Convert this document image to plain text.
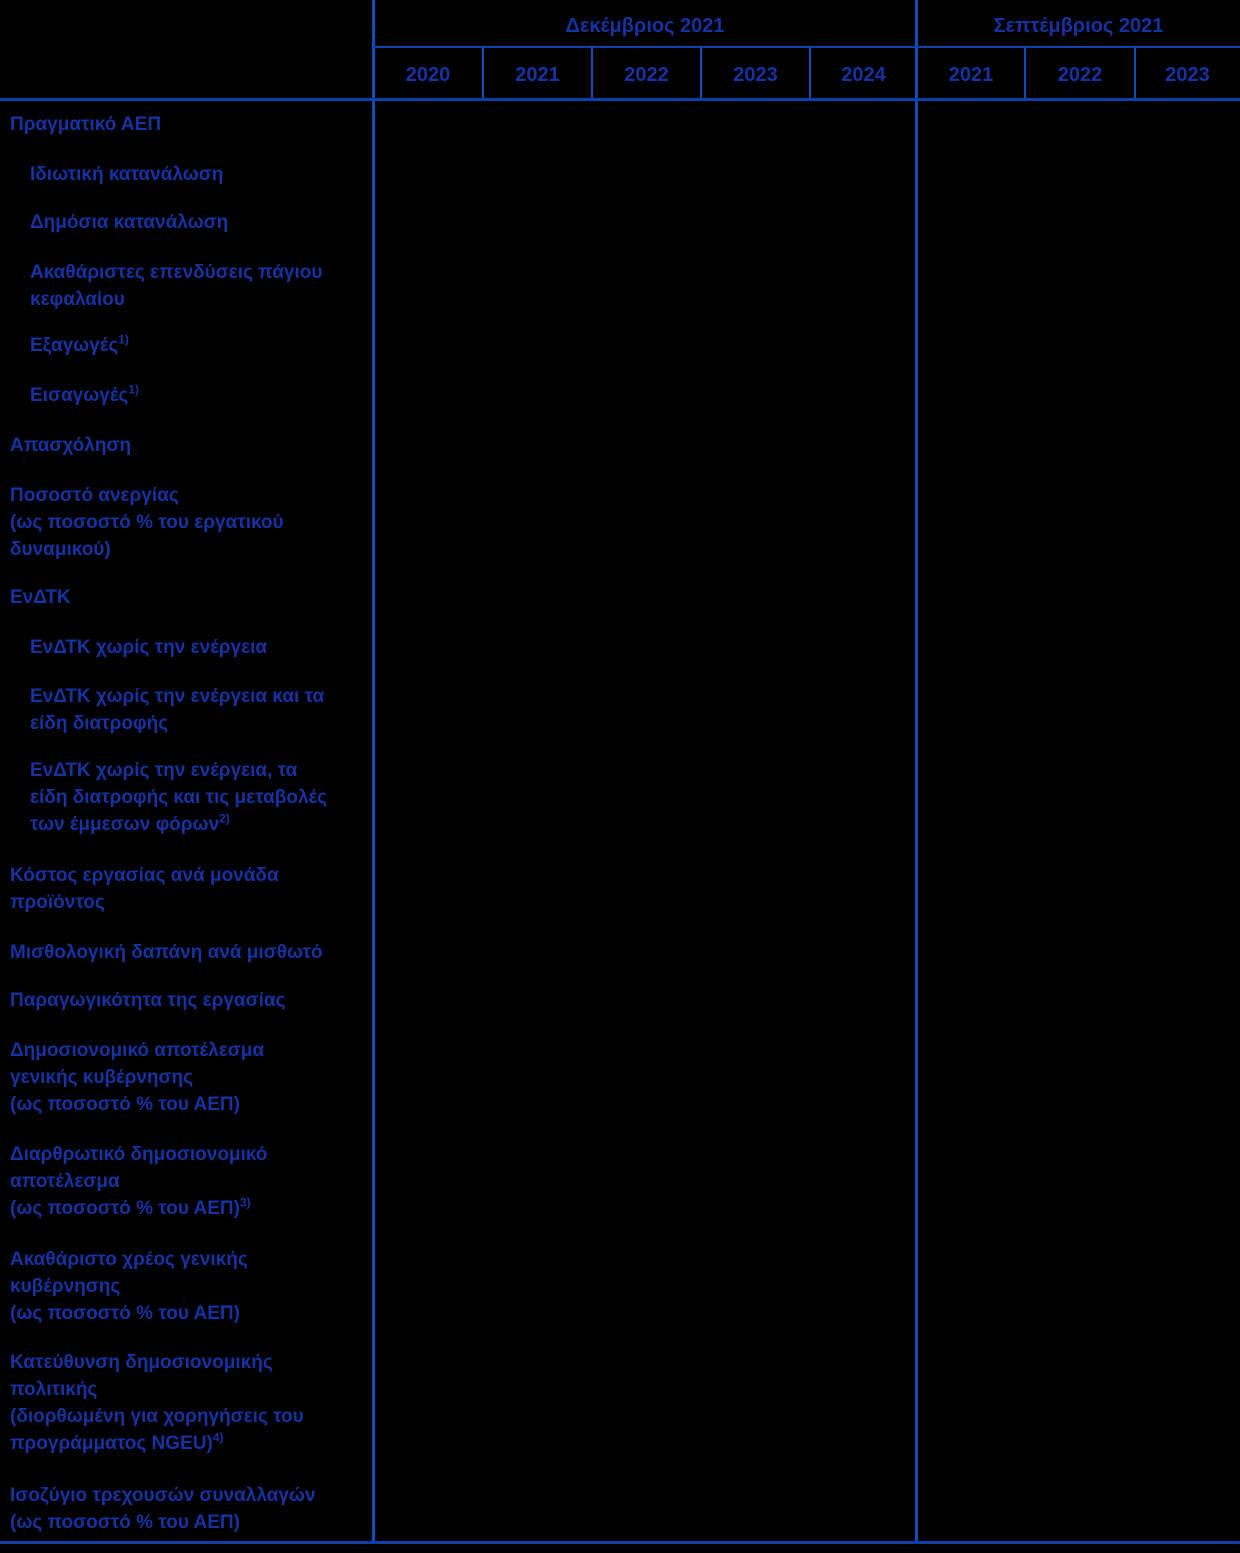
Δεκέμβριος 2021	Σεπτέμβριος 2021
2020	2021	2022	2023	2024	2021	2022	2023
Πραγματικό ΑΕΠ
Ιδιωτική κατανάλωση
Δημόσια κατανάλωση
Ακαθάριστες επενδύσεις πάγιου
κεφαλαίου
Εξαγωγές$^{1)}$
Εισαγωγές$^{1)}$
Απασχόληση
Ποσοστό ανεργίας
(ως ποσοστό % του εργατικού
δυναμικού)
ΕνΔΤΚ
ΕνΔΤΚ χωρίς την ενέργεια
ΕνΔΤΚ χωρίς την ενέργεια και τα
είδη διατροφής
ΕνΔΤΚ χωρίς την ενέργεια, τα
είδη διατροφής και τις μεταβολές
των έμμεσων φόρων$^{2)}$
Κόστος εργασίας ανά μονάδα
προϊόντος
Μισθολογική δαπάνη ανά μισθωτό
Παραγωγικότητα της εργασίας
Δημοσιονομικό αποτέλεσμα
γενικής κυβέρνησης
(ως ποσοστό % του ΑΕΠ)
Διαρθρωτικό δημοσιονομικό
αποτέλεσμα
(ως ποσοστό % του ΑΕΠ)$^{3)}$
Ακαθάριστο χρέος γενικής
κυβέρνησης
(ως ποσοστό % του ΑΕΠ)
Κατεύθυνση δημοσιονομικής
πολιτικής
(διορθωμένη για χορηγήσεις του
προγράμματος NGEU)$^{4)}$
Ισοζύγιο τρεχουσών συναλλαγών
(ως ποσοστό % του ΑΕΠ)
